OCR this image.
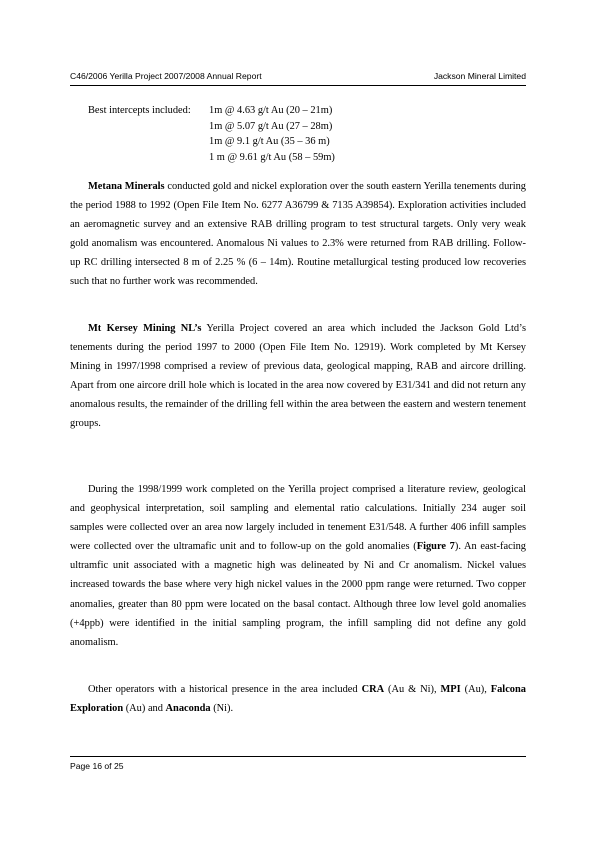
C46/2006 Yerilla Project 2007/2008 Annual Report	Jackson Mineral Limited
Best intercepts included: 1m @ 4.63 g/t Au (20 – 21m)
1m @ 5.07 g/t Au (27 – 28m)
1m @ 9.1 g/t Au (35 – 36 m)
1 m @ 9.61 g/t Au (58 – 59m)

Metana Minerals conducted gold and nickel exploration over the south eastern Yerilla tenements during the period 1988 to 1992 (Open File Item No. 6277 A36799 & 7135 A39854). Exploration activities included an aeromagnetic survey and an extensive RAB drilling program to test structural targets. Only very weak gold anomalism was encountered. Anomalous Ni values to 2.3% were returned from RAB drilling. Follow-up RC drilling intersected 8 m of 2.25 % (6 – 14m). Routine metallurgical testing produced low recoveries such that no further work was recommended.

Mt Kersey Mining NL’s Yerilla Project covered an area which included the Jackson Gold Ltd’s tenements during the period 1997 to 2000 (Open File Item No. 12919). Work completed by Mt Kersey Mining in 1997/1998 comprised a review of previous data, geological mapping, RAB and aircore drilling. Apart from one aircore drill hole which is located in the area now covered by E31/341 and did not return any anomalous results, the remainder of the drilling fell within the area between the eastern and western tenement groups.

During the 1998/1999 work completed on the Yerilla project comprised a literature review, geological and geophysical interpretation, soil sampling and elemental ratio calculations. Initially 234 auger soil samples were collected over an area now largely included in tenement E31/548. A further 406 infill samples were collected over the ultramafic unit and to follow-up on the gold anomalies (Figure 7). An east-facing ultramfic unit associated with a magnetic high was delineated by Ni and Cr anomalism. Nickel values increased towards the base where very high nickel values in the 2000 ppm range were returned. Two copper anomalies, greater than 80 ppm were located on the basal contact. Although three low level gold anomalies (+4ppb) were identified in the initial sampling program, the infill sampling did not define any gold anomalism.

Other operators with a historical presence in the area included CRA (Au & Ni), MPI (Au), Falcona Exploration (Au) and Anaconda (Ni).

Page 16 of 25
